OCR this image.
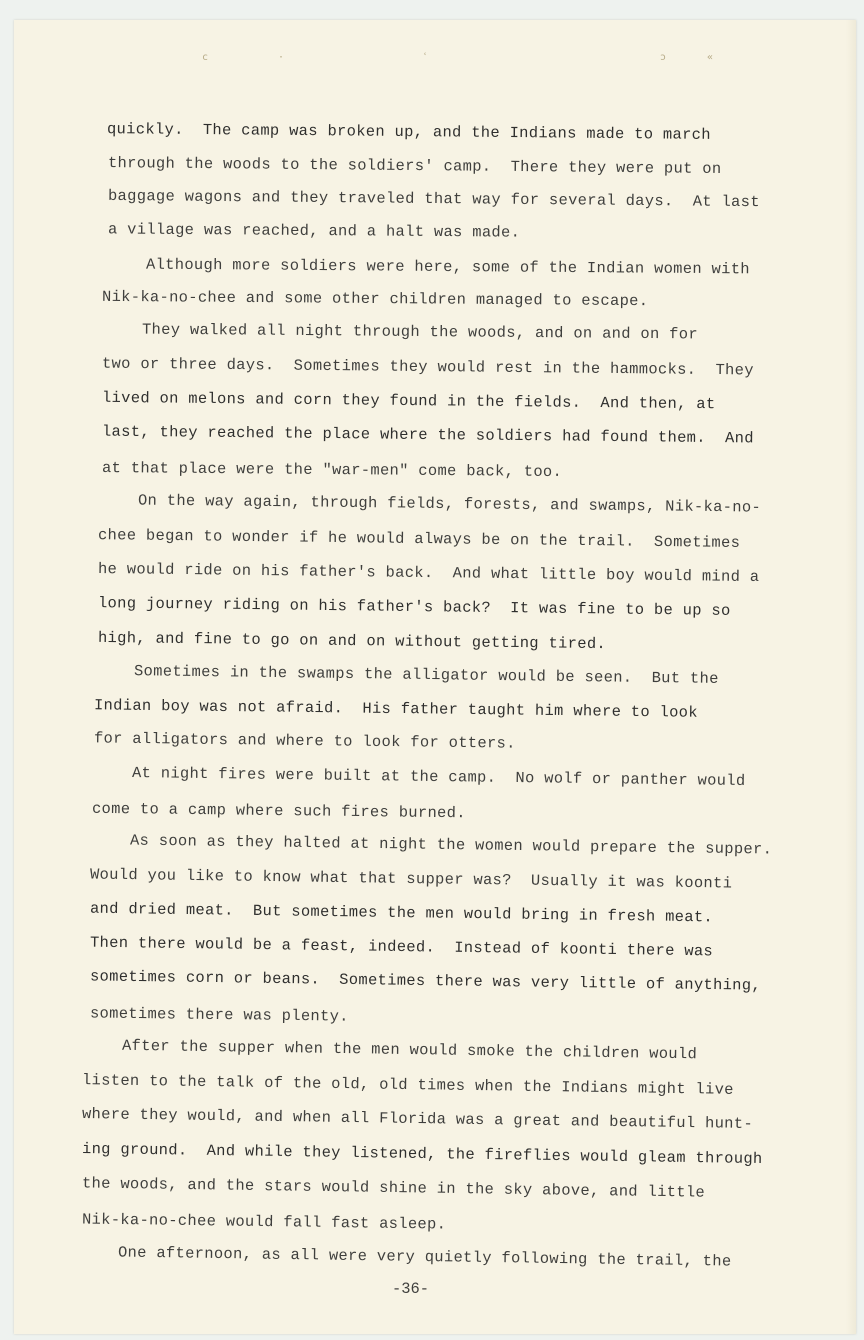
c	·	ʿ	ɔ	«

quickly.  The camp was broken up, and the Indians made to march

through the woods to the soldiers' camp.  There they were put on

baggage wagons and they traveled that way for several days.  At last

a village was reached, and a halt was made.

Although more soldiers were here, some of the Indian women with

Nik-ka-no-chee and some other children managed to escape.

They walked all night through the woods, and on and on for

two or three days.  Sometimes they would rest in the hammocks.  They

lived on melons and corn they found in the fields.  And then, at

last, they reached the place where the soldiers had found them.  And

at that place were the "war-men" come back, too.

On the way again, through fields, forests, and swamps, Nik-ka-no-

chee began to wonder if he would always be on the trail.  Sometimes

he would ride on his father's back.  And what little boy would mind a

long journey riding on his father's back?  It was fine to be up so

high, and fine to go on and on without getting tired.

Sometimes in the swamps the alligator would be seen.  But the

Indian boy was not afraid.  His father taught him where to look

for alligators and where to look for otters.

At night fires were built at the camp.  No wolf or panther would

come to a camp where such fires burned.

As soon as they halted at night the women would prepare the supper.

Would you like to know what that supper was?  Usually it was koonti

and dried meat.  But sometimes the men would bring in fresh meat.

Then there would be a feast, indeed.  Instead of koonti there was

sometimes corn or beans.  Sometimes there was very little of anything,

sometimes there was plenty.

After the supper when the men would smoke the children would

listen to the talk of the old, old times when the Indians might live

where they would, and when all Florida was a great and beautiful hunt-

ing ground.  And while they listened, the fireflies would gleam through

the woods, and the stars would shine in the sky above, and little

Nik-ka-no-chee would fall fast asleep.

One afternoon, as all were very quietly following the trail, the

-36-
